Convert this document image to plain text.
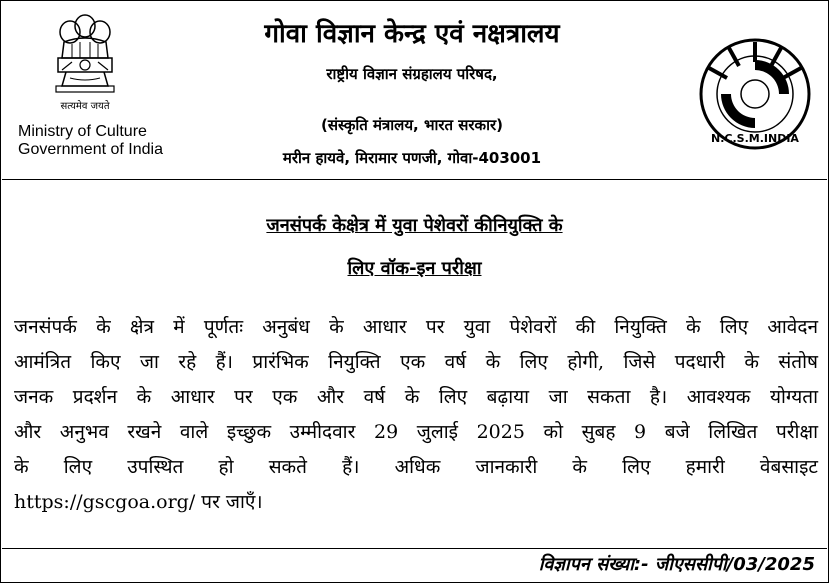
सत्यमेव जयते
Ministry of Culture
Government of India
गोवा विज्ञान केन्द्र एवं नक्षत्रालय
राष्ट्रीय विज्ञान संग्रहालय परिषद,
(संस्कृति मंत्रालय, भारत सरकार)
मरीन हायवे, मिरामार पणजी, गोवा-403001
N.C.S.M.INDIA
जनसंपर्क केक्षेत्र में युवा पेशेवरों कीनियुक्ति के
लिए वॉक-इन परीक्षा
जनसंपर्क के क्षेत्र में पूर्णतः अनुबंध के आधार पर युवा पेशेवरों की नियुक्ति के लिए आवेदन
आमंत्रित किए जा रहे हैं। प्रारंभिक नियुक्ति एक वर्ष के लिए होगी, जिसे पदधारी के संतोष
जनक प्रदर्शन के आधार पर एक और वर्ष के लिए बढ़ाया जा सकता है। आवश्यक योग्यता
और अनुभव रखने वाले इच्छुक उम्मीदवार 29 जुलाई 2025 को सुबह 9 बजे लिखित परीक्षा
के लिए उपस्थित हो सकते हैं। अधिक जानकारी के लिए हमारी वेबसाइट
https://gscgoa.org/ पर जाएँ।
विज्ञापन संख्या:- जीएससीपी/03/2025
